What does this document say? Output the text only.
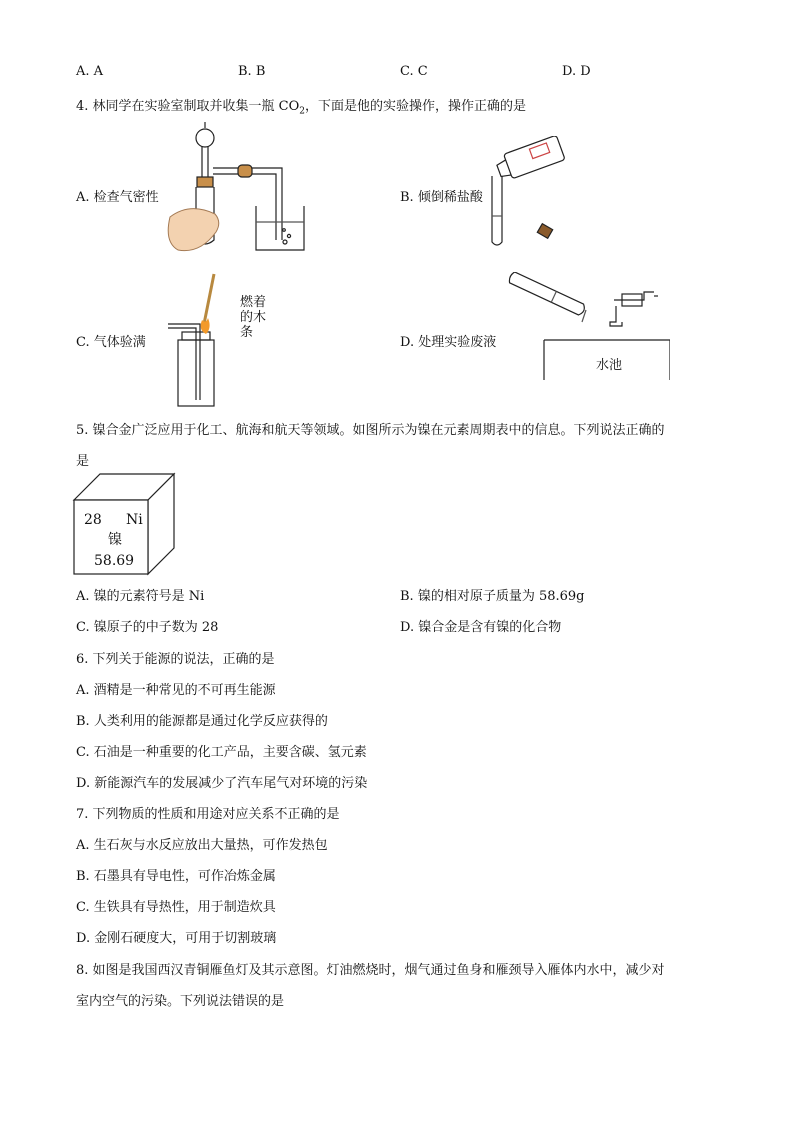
A. A	B. B	C. C	D. D
4. 林同学在实验室制取并收集一瓶 $CO_2$，下面是他的实验操作，操作正确的是
A. 检查气密性	B. 倾倒稀盐酸
C. 气体验满
燃着
的木
条
D. 处理实验废液
水池
5. 镍合金广泛应用于化工、航海和航天等领域。如图所示为镍在元素周期表中的信息。下列说法正确的
是
28 Ni
镍
58.69
A. 镍的元素符号是 Ni	B. 镍的相对原子质量为 58.69g
C. 镍原子的中子数为 28	D. 镍合金是含有镍的化合物
6. 下列关于能源的说法，正确的是
A. 酒精是一种常见的不可再生能源
B. 人类利用的能源都是通过化学反应获得的
C. 石油是一种重要的化工产品，主要含碳、氢元素
D. 新能源汽车的发展减少了汽车尾气对环境的污染
7. 下列物质的性质和用途对应关系不正确的是
A. 生石灰与水反应放出大量热，可作发热包
B. 石墨具有导电性，可作冶炼金属
C. 生铁具有导热性，用于制造炊具
D. 金刚石硬度大，可用于切割玻璃
8. 如图是我国西汉青铜雁鱼灯及其示意图。灯油燃烧时，烟气通过鱼身和雁颈导入雁体内水中，减少对
室内空气的污染。下列说法错误的是
